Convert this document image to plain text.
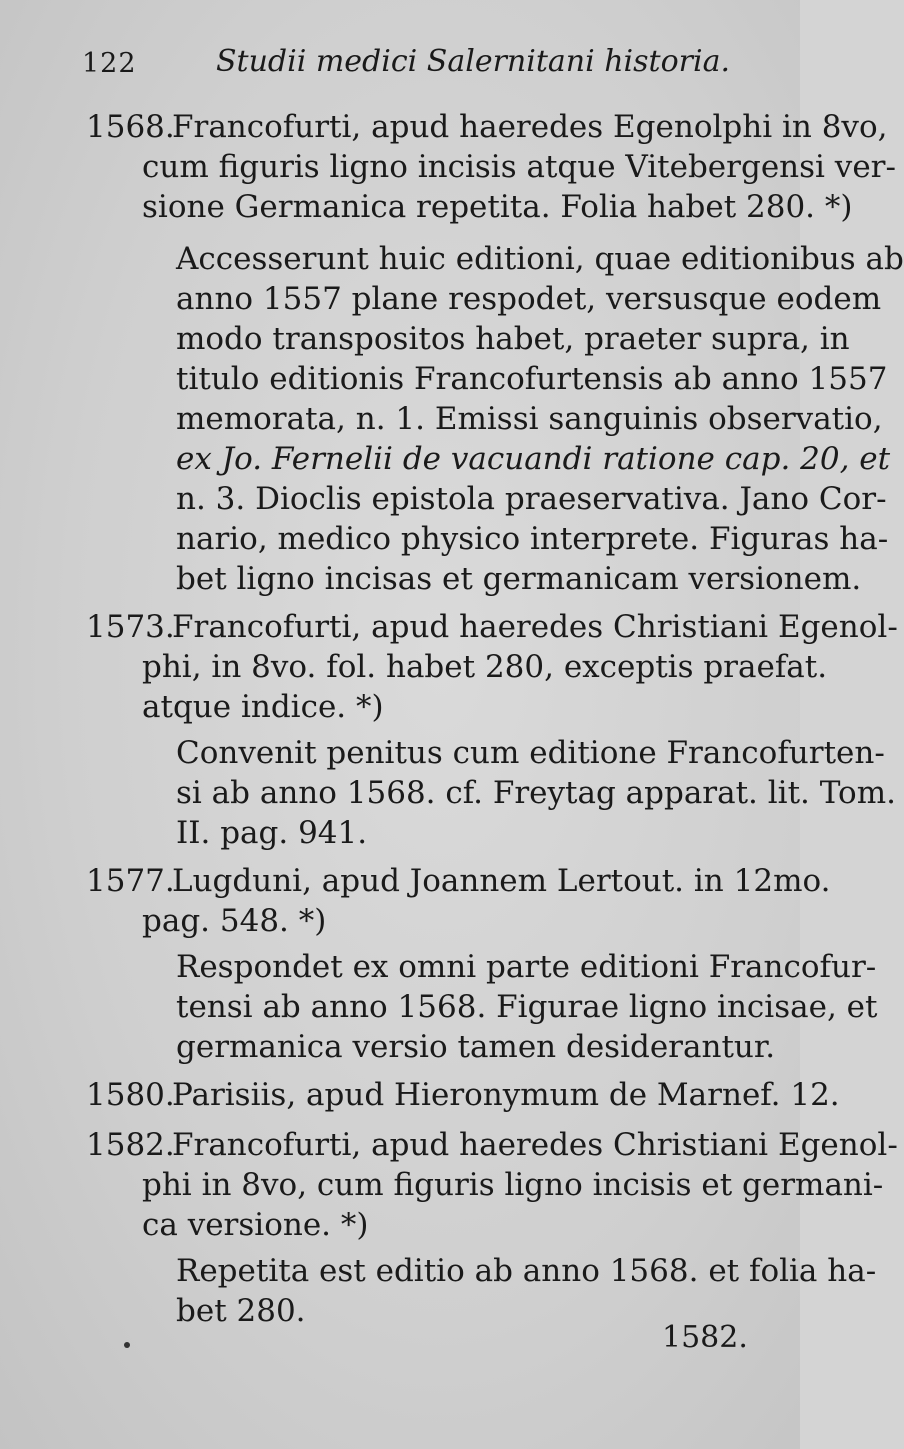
122	Studii medici Salernitani historia.
1568.
Francofurti, apud haeredes Egenolphi in 8vo,
cum figuris ligno incisis atque Vitebergensi ver-
sione Germanica repetita. Folia habet 280. *)
Accesserunt huic editioni, quae editionibus ab
anno 1557 plane respodet, versusque eodem
modo transpositos habet, praeter supra, in
titulo editionis Francofurtensis ab anno 1557
memorata, n. 1. Emissi sanguinis observatio,
ex Jo. Fernelii de vacuandi ratione cap. 20, et
n. 3. Dioclis epistola praeservativa. Jano Cor-
nario, medico physico interprete. Figuras ha-
bet ligno incisas et germanicam versionem.
1573.
Francofurti, apud haeredes Christiani Egenol-
phi, in 8vo. fol. habet 280, exceptis praefat.
atque indice. *)
Convenit penitus cum editione Francofurten-
si ab anno 1568. cf. Freytag apparat. lit. Tom.
II. pag. 941.
1577.
Lugduni, apud Joannem Lertout. in 12mo.
pag. 548. *)
Respondet ex omni parte editioni Francofur-
tensi ab anno 1568. Figurae ligno incisae, et
germanica versio tamen desiderantur.
1580.
Parisiis, apud Hieronymum de Marnef. 12.
1582.
Francofurti, apud haeredes Christiani Egenol-
phi in 8vo, cum figuris ligno incisis et germani-
ca versione. *)
Repetita est editio ab anno 1568. et folia ha-
bet 280.
1582.
